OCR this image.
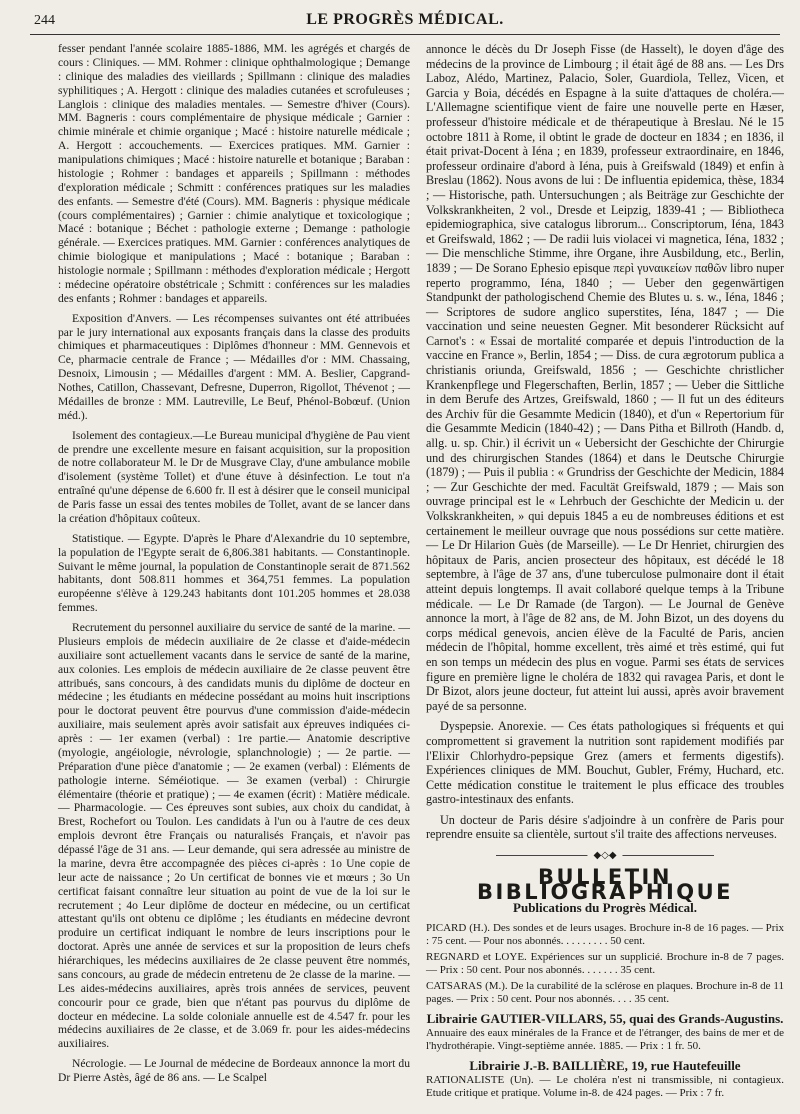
244	LE PROGRÈS MÉDICAL.

fesser pendant l'année scolaire 1885-1886, MM. les agrégés et chargés de cours : Cliniques. — MM. Rohmer : clinique ophthalmologique ; Demange : clinique des maladies des vieillards ; Spillmann : clinique des maladies syphilitiques ; A. Hergott : clinique des maladies cutanées et scrofuleuses ; Langlois : clinique des maladies mentales. — Semestre d'hiver (Cours). MM. Bagneris : cours complémentaire de physique médicale ; Garnier : chimie minérale et chimie organique ; Macé : histoire naturelle médicale ; A. Hergott : accouchements. — Exercices pratiques. MM. Garnier : manipulations chimiques ; Macé : histoire naturelle et botanique ; Baraban : histologie ; Rohmer : bandages et appareils ; Spillmann : méthodes d'exploration médicale ; Schmitt : conférences pratiques sur les maladies des enfants. — Semestre d'été (Cours). MM. Bagneris : physique médicale (cours complémentaires) ; Garnier : chimie analytique et toxicologique ; Macé : botanique ; Béchet : pathologie externe ; Demange : pathologie générale. — Exercices pratiques. MM. Garnier : conférences analytiques de chimie biologique et manipulations ; Macé : botanique ; Baraban : histologie normale ; Spillmann : méthodes d'exploration médicale ; Hergott : médecine opératoire obstétricale ; Schmitt : conférences sur les maladies des enfants ; Rohmer : bandages et appareils.

Exposition d'Anvers. — Les récompenses suivantes ont été attribuées par le jury international aux exposants français dans la classe des produits chimiques et pharmaceutiques : Diplômes d'honneur : MM. Gennevois et Ce, pharmacie centrale de France ; — Médailles d'or : MM. Chassaing, Desnoix, Limousin ; — Médailles d'argent : MM. A. Beslier, Capgrand-Nothes, Catillon, Chassevant, Defresne, Duperron, Rigollot, Thévenot ; — Médailles de bronze : MM. Lautreville, Le Beuf, Phénol-Bobœuf. (Union méd.).

Isolement des contagieux.—Le Bureau municipal d'hygiène de Pau vient de prendre une excellente mesure en faisant acquisition, sur la proposition de notre collaborateur M. le Dr de Musgrave Clay, d'une ambulance mobile d'isolement (système Tollet) et d'une étuve à désinfection. Le tout n'a entraîné qu'une dépense de 6.600 fr. Il est à désirer que le conseil municipal de Paris fasse un essai des tentes mobiles de Tollet, avant de se lancer dans la création d'hôpitaux coûteux.

Statistique. — Egypte. D'après le Phare d'Alexandrie du 10 septembre, la population de l'Egypte serait de 6,806.381 habitants. — Constantinople. Suivant le même journal, la population de Constantinople serait de 871.562 habitants, dont 508.811 hommes et 364,751 femmes. La population européenne s'élève à 129.243 habitants dont 101.205 hommes et 28.038 femmes.

Recrutement du personnel auxiliaire du service de santé de la marine. — Plusieurs emplois de médecin auxiliaire de 2e classe et d'aide-médecin auxiliaire sont actuellement vacants dans le service de santé de la marine, aux colonies. Les emplois de médecin auxiliaire de 2e classe peuvent être attribués, sans concours, à des candidats munis du diplôme de docteur en médecine ; les étudiants en médecine possédant au moins huit inscriptions pour le doctorat peuvent être pourvus d'une commission d'aide-médecin auxiliaire, mais seulement après avoir satisfait aux épreuves indiquées ci-après : — 1er examen (verbal) : 1re partie.— Anatomie descriptive (myologie, angéiologie, névrologie, splanchnologie) ; — 2e partie. — Préparation d'une pièce d'anatomie ; — 2e examen (verbal) : Eléments de pathologie interne. Séméiotique. — 3e examen (verbal) : Chirurgie élémentaire (théorie et pratique) ; — 4e examen (écrit) : Matière médicale. — Pharmacologie. — Ces épreuves sont subies, aux choix du candidat, à Brest, Rochefort ou Toulon. Les candidats à l'un ou à l'autre de ces deux emplois devront être Français ou naturalisés Français, et n'avoir pas dépassé l'âge de 31 ans. — Leur demande, qui sera adressée au ministre de la marine, devra être accompagnée des pièces ci-après : 1o Une copie de leur acte de naissance ; 2o Un certificat de bonnes vie et mœurs ; 3o Un certificat faisant connaître leur situation au point de vue de la loi sur le recrutement ; 4o Leur diplôme de docteur en médecine, ou un certificat attestant qu'ils ont obtenu ce diplôme ; les étudiants en médecine devront produire un certificat indiquant le nombre de leurs inscriptions pour le doctorat. Après une année de services et sur la proposition de leurs chefs hiérarchiques, les médecins auxiliaires de 2e classe peuvent être nommés, sans concours, au grade de médecin entretenu de 2e classe de la marine. — Les aides-médecins auxiliaires, après trois années de services, peuvent concourir pour ce grade, bien que n'étant pas pourvus du diplôme de docteur en médecine. La solde coloniale annuelle est de 4.547 fr. pour les médecins auxiliaires de 2e classe, et de 3.069 fr. pour les aides-médecins auxiliaires.

Nécrologie. — Le Journal de médecine de Bordeaux annonce la mort du Dr Pierre Astès, âgé de 86 ans. — Le Scalpel

annonce le décès du Dr Joseph Fisse (de Hasselt), le doyen d'âge des médecins de la province de Limbourg ; il était âgé de 88 ans. — Les Drs Laboz, Alédo, Martinez, Palacio, Soler, Guardiola, Tellez, Vicen, et Garcia y Boia, décédés en Espagne à la suite d'attaques de choléra.— L'Allemagne scientifique vient de faire une nouvelle perte en Hæser, professeur d'histoire médicale et de thérapeutique à Breslau. Né le 15 octobre 1811 à Rome, il obtint le grade de docteur en 1834 ; en 1836, il était privat-Docent à Iéna ; en 1839, professeur extraordinaire, en 1846, professeur ordinaire d'abord à Iéna, puis à Greifswald (1849) et enfin à Breslau (1862). Nous avons de lui : De influentia epidemica, thèse, 1834 ; — Historische, path. Untersuchungen ; als Beiträge zur Geschichte der Volkskrankheiten, 2 vol., Dresde et Leipzig, 1839-41 ; — Bibliotheca epidemiographica, sive catalogus librorum... Conscriptorum, Iéna, 1843 et Greifswald, 1862 ; — De radii luis violacei vi magnetica, Iéna, 1832 ; — Die menschliche Stimme, ihre Organe, ihre Ausbildung, etc., Berlin, 1839 ; — De Sorano Ephesio episque περὶ γυναικείων παθῶν libro nuper reperto programmo, Iéna, 1840 ; — Ueber den gegenwärtigen Standpunkt der pathologischend Chemie des Blutes u. s. w., Iéna, 1846 ; — Scriptores de sudore anglico superstites, Iéna, 1847 ; — Die vaccination und seine neuesten Gegner. Mit besonderer Rücksicht auf Carnot's : « Essai de mortalité comparée et depuis l'introduction de la vaccine en France », Berlin, 1854 ; — Diss. de cura ægrotorum publica a christianis oriunda, Greifswald, 1856 ; — Geschichte christlicher Krankenpflege und Flegerschaften, Berlin, 1857 ; — Ueber die Sittliche in dem Berufe des Artzes, Greifswald, 1860 ; — Il fut un des éditeurs des Archiv für die Gesammte Medicin (1840), et d'un « Repertorium für die Gesammte Medicin (1840-42) ; — Dans Pitha et Billroth (Handb. d, allg. u. sp. Chir.) il écrivit un « Uebersicht der Geschichte der Chirurgie und des chirurgischen Standes (1864) et dans le Deutsche Chirurgie (1879) ; — Puis il publia : « Grundriss der Geschichte der Medicin, 1884 ; — Zur Geschichte der med. Facultät Greifswald, 1879 ; — Mais son ouvrage principal est le « Lehrbuch der Geschichte der Medicin u. der Volkskrankheiten, » qui depuis 1845 a eu de nombreuses éditions et est certainement le meilleur ouvrage que nous possédions sur cette matière. — Le Dr Hilarion Guès (de Marseille). — Le Dr Henriet, chirurgien des hôpitaux de Paris, ancien prosecteur des hôpitaux, est décédé le 18 septembre, à l'âge de 37 ans, d'une tuberculose pulmonaire dont il était atteint depuis longtemps. Il avait collaboré quelque temps à la Tribune médicale. — Le Dr Ramade (de Targon). — Le Journal de Genève annonce la mort, à l'âge de 82 ans, de M. John Bizot, un des doyens du corps médical genevois, ancien élève de la Faculté de Paris, ancien médecin de l'hôpital, homme excellent, très aimé et très estimé, qui fut en son temps un médecin des plus en vogue. Parmi ses états de services figure en première ligne le choléra de 1832 qui ravagea Paris, et dont le Dr Bizot, alors jeune docteur, fut atteint lui aussi, après avoir bravement payé de sa personne.

Dyspepsie. Anorexie. — Ces états pathologiques si fréquents et qui compromettent si gravement la nutrition sont rapidement modifiés par l'Elixir Chlorhydro-pepsique Grez (amers et ferments digestifs). Expériences cliniques de MM. Bouchut, Gubler, Frémy, Huchard, etc. Cette médication constitue le traitement le plus efficace des troubles gastro-intestinaux des enfants.

Un docteur de Paris désire s'adjoindre à un confrère de Paris pour reprendre ensuite sa clientèle, surtout s'il traite des affections nerveuses.

◆◇◆
BULLETIN BIBLIOGRAPHIQUE
Publications du Progrès Médical.

PICARD (H.). Des sondes et de leurs usages. Brochure in-8 de 16 pages. — Prix : 75 cent. — Pour nos abonnés. . . . . . . . . 50 cent.

REGNARD et LOYE. Expériences sur un supplicié. Brochure in-8 de 7 pages. — Prix : 50 cent. Pour nos abonnés. . . . . . . 35 cent.

CATSARAS (M.). De la curabilité de la sclérose en plaques. Brochure in-8 de 11 pages. — Prix : 50 cent. Pour nos abonnés. . . . 35 cent.

Librairie GAUTIER-VILLARS, 55, quai des Grands-Augustins.

Annuaire des eaux minérales de la France et de l'étranger, des bains de mer et de l'hydrothérapie. Vingt-septième année. 1885. — Prix : 1 fr. 50.

Librairie J.-B. BAILLIÈRE, 19, rue Hautefeuille

RATIONALISTE (Un). — Le choléra n'est ni transmissible, ni contagieux. Etude critique et pratique. Volume in-8. de 424 pages. — Prix : 7 fr.
